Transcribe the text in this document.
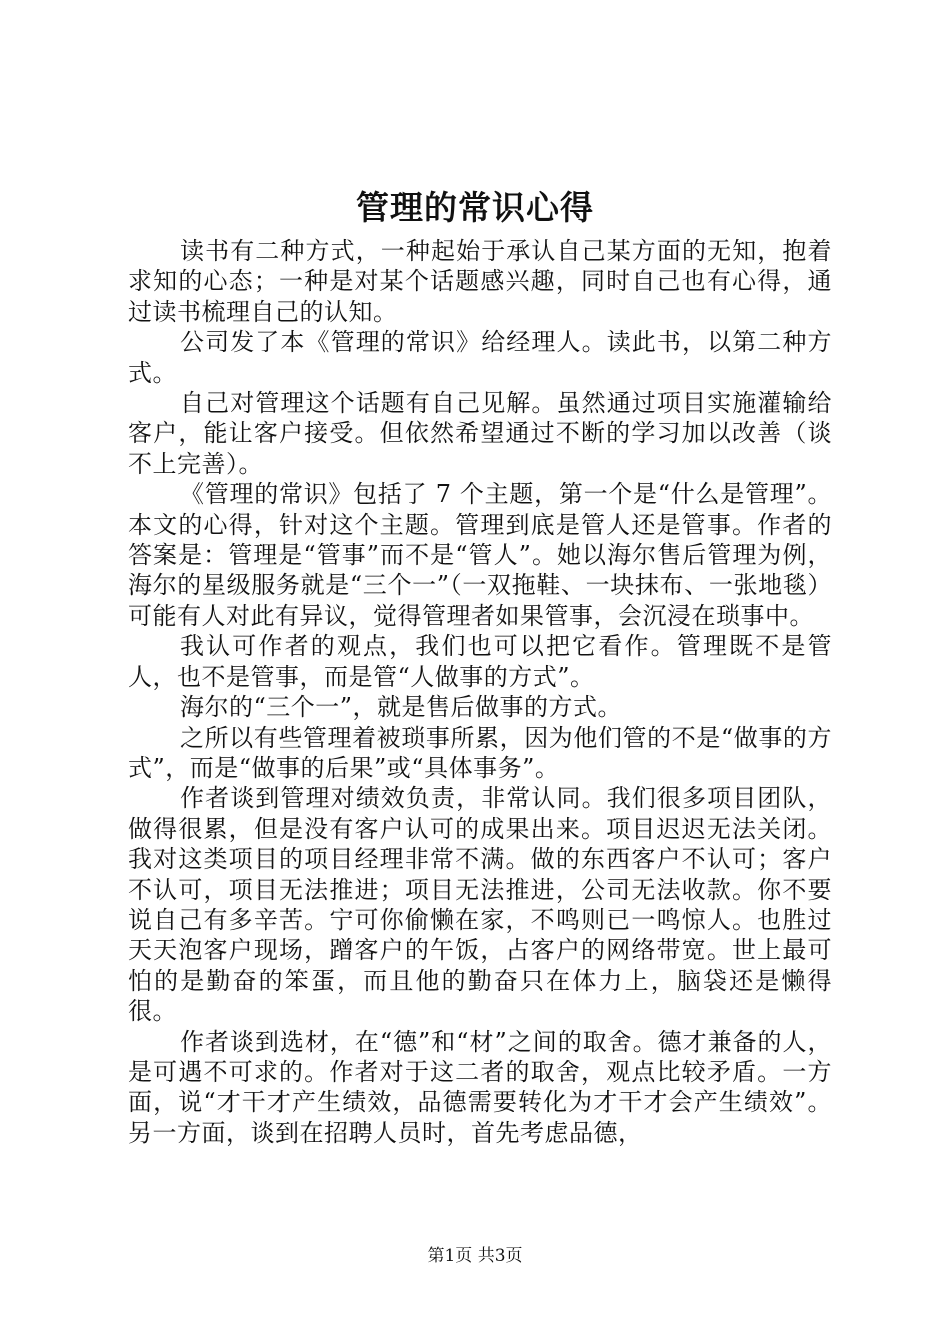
管理的常识心得

读书有二种方式，一种起始于承认自己某方面的无知，抱着求知的心态；一种是对某个话题感兴趣，同时自己也有心得，通过读书梳理自己的认知。

公司发了本《管理的常识》给经理人。读此书，以第二种方式。

自己对管理这个话题有自己见解。虽然通过项目实施灌输给客户，能让客户接受。但依然希望通过不断的学习加以改善（谈不上完善）。

《管理的常识》包括了 7 个主题，第一个是“什么是管理”。本文的心得，针对这个主题。管理到底是管人还是管事。作者的答案是：管理是“管事”而不是“管人”。她以海尔售后管理为例，海尔的星级服务就是“三个一”（一双拖鞋、一块抹布、一张地毯）可能有人对此有异议，觉得管理者如果管事，会沉浸在琐事中。

我认可作者的观点，我们也可以把它看作。管理既不是管人，也不是管事，而是管“人做事的方式”。

海尔的“三个一”，就是售后做事的方式。

之所以有些管理着被琐事所累，因为他们管的不是“做事的方式”，而是“做事的后果”或“具体事务”。

作者谈到管理对绩效负责，非常认同。我们很多项目团队，做得很累，但是没有客户认可的成果出来。项目迟迟无法关闭。我对这类项目的项目经理非常不满。做的东西客户不认可；客户不认可，项目无法推进；项目无法推进，公司无法收款。你不要说自己有多辛苦。宁可你偷懒在家，不鸣则已一鸣惊人。也胜过天天泡客户现场，蹭客户的午饭，占客户的网络带宽。世上最可怕的是勤奋的笨蛋，而且他的勤奋只在体力上，脑袋还是懒得很。

作者谈到选材，在“德”和“材”之间的取舍。德才兼备的人，是可遇不可求的。作者对于这二者的取舍，观点比较矛盾。一方面，说“才干才产生绩效，品德需要转化为才干才会产生绩效”。另一方面，谈到在招聘人员时，首先考虑品德，

第1页 共3页
